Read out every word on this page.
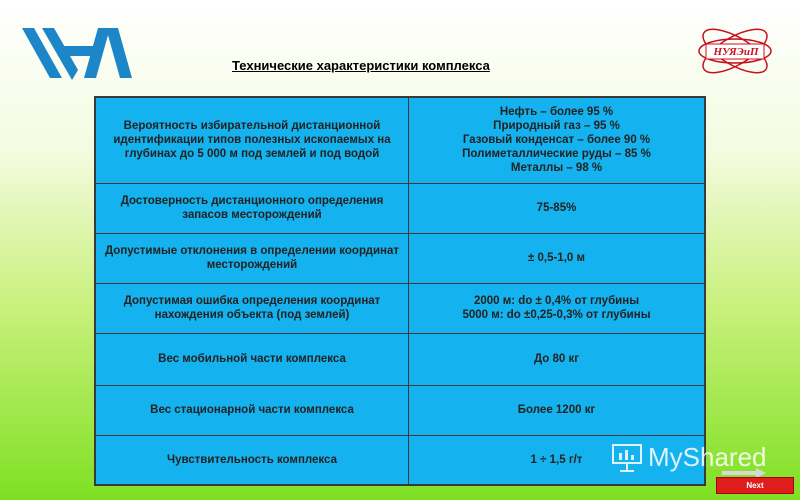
НУЯЭиП
Технические характеристики комплекса
Вероятность избирательной дистанционной идентификации типов полезных ископаемых на глубинах до 5 000 м под землей и под водой	Нефть – более 95 %
Природный газ – 95 %
Газовый конденсат – более 90 %
Полиметаллические руды – 85 %
Металлы – 98 %

Достоверность дистанционного определения запасов месторождений	75-85%
Допустимые отклонения в определении координат месторождений	± 0,5-1,0 м
Допустимая ошибка определения координат нахождения объекта (под землей)	2000 м: do ± 0,4% от глубины
5000 м: do ±0,25-0,3% от глубины

Вес мобильной части комплекса	До 80 кг
Вес стационарной части комплекса	Более 1200 кг
Чувствительность комплекса	1 ÷ 1,5 г/т	MyShared
Next
